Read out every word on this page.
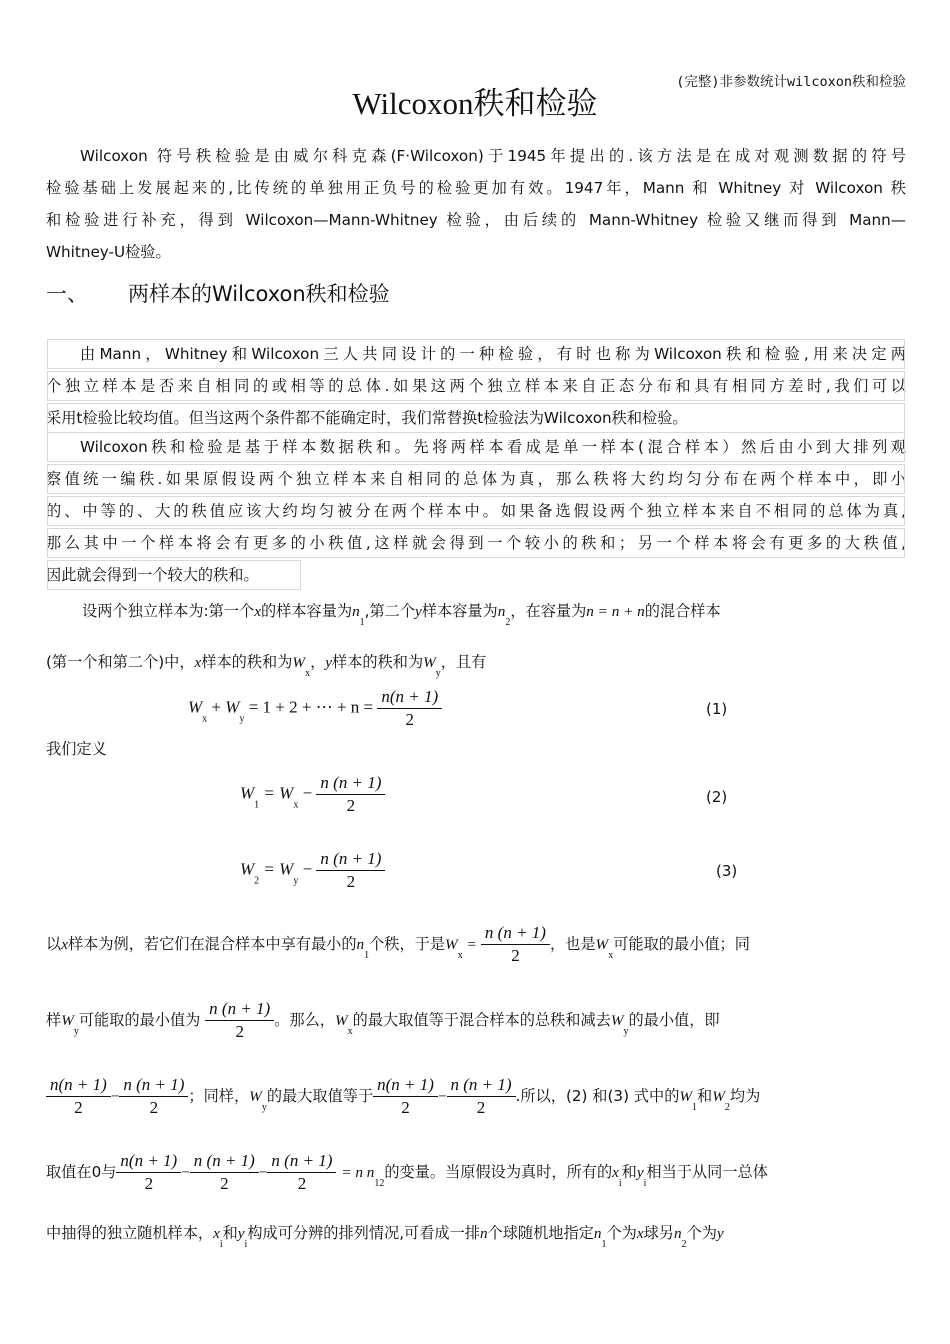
(完整)非参数统计wilcoxon秩和检验
Wilcoxon秩和检验
Wilcoxon 符号秩检验是由威尔科克森(F·Wilcoxon)于1945年提出的.该方法是在成对观测数据的符号
检验基础上发展起来的,比传统的单独用正负号的检验更加有效。1947年，Mann 和 Whitney 对 Wilcoxon 秩
和检验进行补充，得到 Wilcoxon—Mann-Whitney 检验，由后续的 Mann-Whitney 检验又继而得到 Mann—
Whitney-U检验。
一、 两样本的Wilcoxon秩和检验
由Mann，Whitney和Wilcoxon三人共同设计的一种检验，有时也称为Wilcoxon秩和检验,用来决定两
个独立样本是否来自相同的或相等的总体.如果这两个独立样本来自正态分布和具有相同方差时,我们可以
采用t检验比较均值。但当这两个条件都不能确定时，我们常替换t检验法为Wilcoxon秩和检验。
Wilcoxon秩和检验是基于样本数据秩和。先将两样本看成是单一样本(混合样本）然后由小到大排列观
察值统一编秩.如果原假设两个独立样本来自相同的总体为真，那么秩将大约均匀分布在两个样本中，即小
的、中等的、大的秩值应该大约均匀被分在两个样本中。如果备选假设两个独立样本来自不相同的总体为真,
那么其中一个样本将会有更多的小秩值,这样就会得到一个较小的秩和；另一个样本将会有更多的大秩值,
因此就会得到一个较大的秩和。
设两个独立样本为:第一个x的样本容量为$n_1$,第二个y样本容量为$n_2$，在容量为n = n + n的混合样本
(第一个和第二个)中，x样本的秩和为$W_x$，y样本的秩和为$W_y$，且有
$W_x + W_y = 1 + 2$ + ⋯ + $n = \frac{n(n + 1)}{2}$	(1)
我们定义
$W_1 = W_x - \frac{n (n + 1)}{2}$	(2)
$W_2 = W_y - \frac{n (n + 1)}{2}$	(3)
以x样本为例，若它们在混合样本中享有最小的$n_1$个秩，于是$W_x = \frac{n (n + 1)}{2}$ ，也是$W_x$可能取的最小值；同
样$W_y$可能取的最小值为 $\frac{n (n + 1)}{2}$ 。那么，$W_x$的最大取值等于混合样本的总秩和减去$W_y$的最小值，即
$\frac{n(n + 1)}{2} - \frac{n (n + 1)}{2}$ ；同样，$W_y$的最大取值等于 $\frac{n(n + 1)}{2} - \frac{n (n + 1)}{2}$ .所以，(2) 和(3) 式中的$W_1$和$W_2$均为
取值在0与 $\frac{n(n + 1)}{2} - \frac{n (n + 1)}{2} - \frac{n (n + 1)}{2} = n$ $n_{12}$的变量。当原假设为真时，所有的$x_i$和$y_i$相当于从同一总体
中抽得的独立随机样本，$x_i$和$y_i$构成可分辨的排列情况,可看成一排n个球随机地指定$n_1$个为x球另$n_2$个为y
